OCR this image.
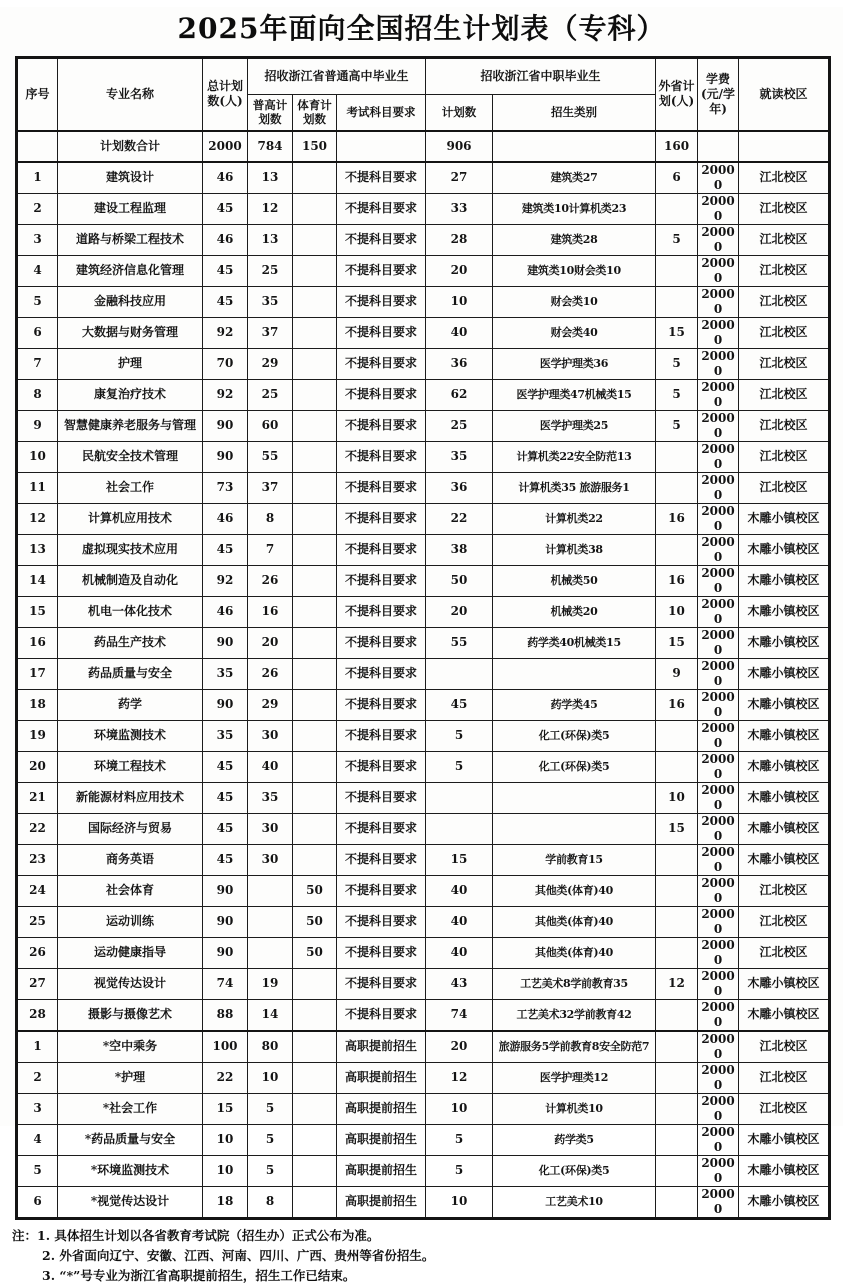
2025年面向全国招生计划表（专科）
序号	专业名称	总计划数(人)	招收浙江省普通高中毕业生			招收浙江省中职毕业生		外省计划(人)	学费(元/学年)	就读校区
			普高计划数	体育计划数	考试科目要求	计划数	招生类别			
	计划数合计	2000	784	150		906		160		
1	建筑设计	46	13		不提科目要求	27	建筑类27	6	20000	江北校区
2	建设工程监理	45	12		不提科目要求	33	建筑类10计算机类23		20000	江北校区
3	道路与桥梁工程技术	46	13		不提科目要求	28	建筑类28	5	20000	江北校区
4	建筑经济信息化管理	45	25		不提科目要求	20	建筑类10财会类10		20000	江北校区
5	金融科技应用	45	35		不提科目要求	10	财会类10		20000	江北校区
6	大数据与财务管理	92	37		不提科目要求	40	财会类40	15	20000	江北校区
7	护理	70	29		不提科目要求	36	医学护理类36	5	20000	江北校区
8	康复治疗技术	92	25		不提科目要求	62	医学护理类47机械类15	5	20000	江北校区
9	智慧健康养老服务与管理	90	60		不提科目要求	25	医学护理类25	5	20000	江北校区
10	民航安全技术管理	90	55		不提科目要求	35	计算机类22安全防范13		20000	江北校区
11	社会工作	73	37		不提科目要求	36	计算机类35 旅游服务1		20000	江北校区
12	计算机应用技术	46	8		不提科目要求	22	计算机类22	16	20000	木雕小镇校区
13	虚拟现实技术应用	45	7		不提科目要求	38	计算机类38		20000	木雕小镇校区
14	机械制造及自动化	92	26		不提科目要求	50	机械类50	16	20000	木雕小镇校区
15	机电一体化技术	46	16		不提科目要求	20	机械类20	10	20000	木雕小镇校区
16	药品生产技术	90	20		不提科目要求	55	药学类40机械类15	15	20000	木雕小镇校区
17	药品质量与安全	35	26		不提科目要求			9	20000	木雕小镇校区
18	药学	90	29		不提科目要求	45	药学类45	16	20000	木雕小镇校区
19	环境监测技术	35	30		不提科目要求	5	化工(环保)类5		20000	木雕小镇校区
20	环境工程技术	45	40		不提科目要求	5	化工(环保)类5		20000	木雕小镇校区
21	新能源材料应用技术	45	35		不提科目要求			10	20000	木雕小镇校区
22	国际经济与贸易	45	30		不提科目要求			15	20000	木雕小镇校区
23	商务英语	45	30		不提科目要求	15	学前教育15		20000	木雕小镇校区
24	社会体育	90		50	不提科目要求	40	其他类(体育)40		20000	江北校区
25	运动训练	90		50	不提科目要求	40	其他类(体育)40		20000	江北校区
26	运动健康指导	90		50	不提科目要求	40	其他类(体育)40		20000	江北校区
27	视觉传达设计	74	19		不提科目要求	43	工艺美术8学前教育35	12	20000	木雕小镇校区
28	摄影与摄像艺术	88	14		不提科目要求	74	工艺美术32学前教育42		20000	木雕小镇校区
1	*空中乘务	100	80		高职提前招生	20	旅游服务5学前教育8安全防范7		20000	江北校区
2	*护理	22	10		高职提前招生	12	医学护理类12		20000	江北校区
3	*社会工作	15	5		高职提前招生	10	计算机类10		20000	江北校区
4	*药品质量与安全	10	5		高职提前招生	5	药学类5		20000	木雕小镇校区
5	*环境监测技术	10	5		高职提前招生	5	化工(环保)类5		20000	木雕小镇校区
6	*视觉传达设计	18	8		高职提前招生	10	工艺美术10		20000	木雕小镇校区
注：1. 具体招生计划以各省教育考试院（招生办）正式公布为准。
2. 外省面向辽宁、安徽、江西、河南、四川、广西、贵州等省份招生。
3. “*”号专业为浙江省高职提前招生，招生工作已结束。
